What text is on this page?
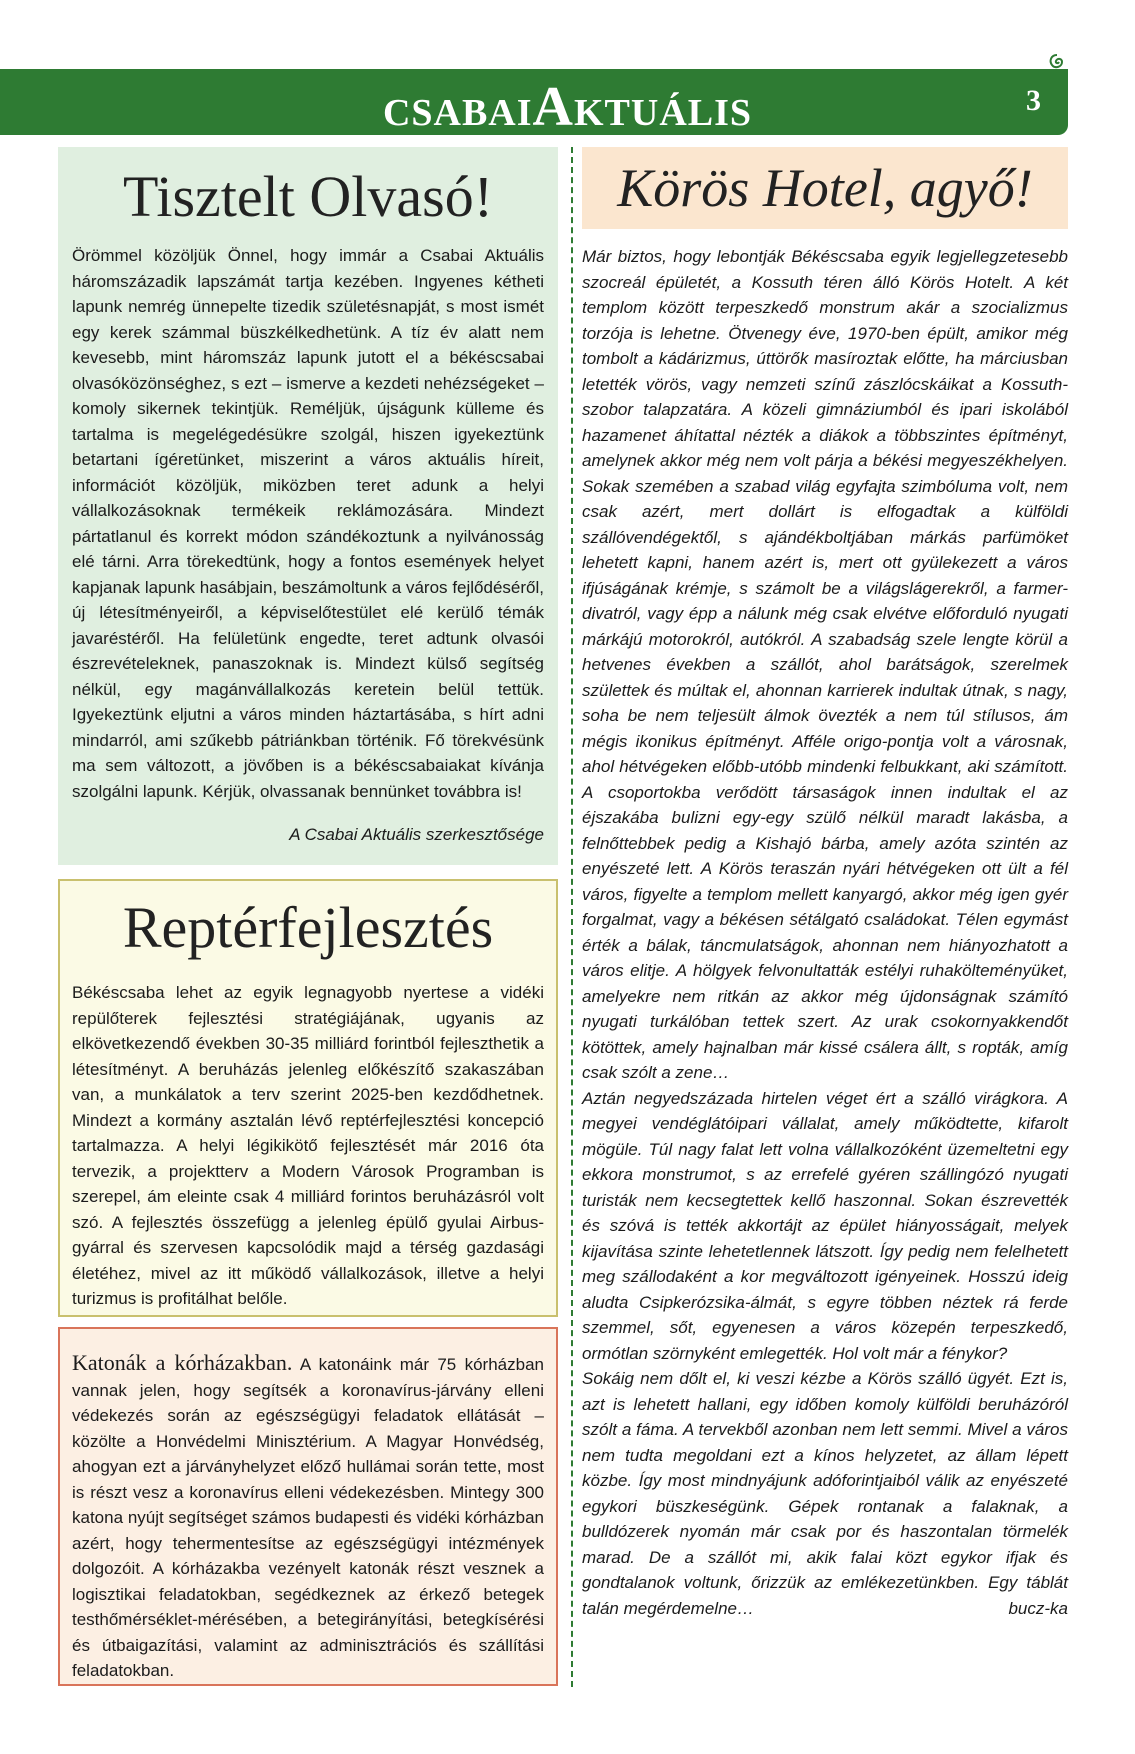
CSABAIAKTUÁLIS	3
Tisztelt Olvasó!

Örömmel közöljük Önnel, hogy immár a Csabai Aktuális háromszázadik lapszámát tartja kezében. Ingyenes kétheti lapunk nemrég ünnepelte tizedik születésnapját, s most ismét egy kerek számmal büszkélkedhetünk. A tíz év alatt nem kevesebb, mint háromszáz lapunk jutott el a békéscsabai olvasóközönséghez, s ezt – ismerve a kezdeti nehézségeket – komoly sikernek tekintjük. Reméljük, újságunk külleme és tartalma is megelégedésükre szolgál, hiszen igyekeztünk betartani ígéretünket, miszerint a város aktuális híreit, információt közöljük, miközben teret adunk a helyi vállalkozásoknak termékeik reklámozására. Mindezt pártatlanul és korrekt módon szándékoztunk a nyilvánosság elé tárni. Arra törekedtünk, hogy a fontos események helyet kapjanak lapunk hasábjain, beszámoltunk a város fejlődéséről, új létesítményeiről, a képviselőtestület elé kerülő témák javaréstéről. Ha felületünk engedte, teret adtunk olvasói észrevételeknek, panaszoknak is. Mindezt külső segítség nélkül, egy magánvállalkozás keretein belül tettük. Igyekeztünk eljutni a város minden háztartásába, s hírt adni mindarról, ami szűkebb pátriánkban történik. Fő törekvésünk ma sem változott, a jövőben is a békéscsabaiakat kívánja szolgálni lapunk. Kérjük, olvassanak bennünket továbbra is!

A Csabai Aktuális szerkesztősége
Reptérfejlesztés

Békéscsaba lehet az egyik legnagyobb nyertese a vidéki repülőterek fejlesztési stratégiájának, ugyanis az elkövetkezendő években 30-35 milliárd forintból fejleszthetik a létesítményt. A beruházás jelenleg előkészítő szakaszában van, a munkálatok a terv szerint 2025-ben kezdődhetnek. Mindezt a kormány asztalán lévő reptérfejlesztési koncepció tartalmazza. A helyi légikikötő fejlesztését már 2016 óta tervezik, a projektterv a Modern Városok Programban is szerepel, ám eleinte csak 4 milliárd forintos beruházásról volt szó. A fejlesztés összefügg a jelenleg épülő gyulai Airbus-gyárral és szervesen kapcsolódik majd a térség gazdasági életéhez, mivel az itt működő vállalkozások, illetve a helyi turizmus is profitálhat belőle.

Katonák a kórházakban. A katonáink már 75 kórházban vannak jelen, hogy segítsék a koronavírus-járvány elleni védekezés során az egészségügyi feladatok ellátását – közölte a Honvédelmi Minisztérium. A Magyar Honvédség, ahogyan ezt a járványhelyzet előző hullámai során tette, most is részt vesz a koronavírus elleni védekezésben. Mintegy 300 katona nyújt segítséget számos budapesti és vidéki kórházban azért, hogy tehermentesítse az egészségügyi intézmények dolgozóit. A kórházakba vezényelt katonák részt vesznek a logisztikai feladatokban, segédkeznek az érkező betegek testhőmérséklet-mérésében, a betegirányítási, betegkísérési és útbaigazítási, valamint az adminisztrációs és szállítási feladatokban.

Körös Hotel, agyő!

Már biztos, hogy lebontják Békéscsaba egyik legjellegzetesebb szocreál épületét, a Kossuth téren álló Körös Hotelt. A két templom között terpeszkedő monstrum akár a szocializmus torzója is lehetne. Ötvenegy éve, 1970-ben épült, amikor még tombolt a kádárizmus, úttörők masíroztak előtte, ha márciusban letették vörös, vagy nemzeti színű zászlócskáikat a Kossuth-szobor talapzatára. A közeli gimnáziumból és ipari iskolából hazamenet áhítattal nézték a diákok a többszintes építményt, amelynek akkor még nem volt párja a békési megyeszékhelyen. Sokak szemében a szabad világ egyfajta szimbóluma volt, nem csak azért, mert dollárt is elfogadtak a külföldi szállóvendégektől, s ajándékboltjában márkás parfümöket lehetett kapni, hanem azért is, mert ott gyülekezett a város ifjúságának krémje, s számolt be a világslágerekről, a farmer-divatról, vagy épp a nálunk még csak elvétve előforduló nyugati márkájú motorokról, autókról. A szabadság szele lengte körül a hetvenes években a szállót, ahol barátságok, szerelmek születtek és múltak el, ahonnan karrierek indultak útnak, s nagy, soha be nem teljesült álmok övezték a nem túl stílusos, ám mégis ikonikus építményt. Afféle origo-pontja volt a városnak, ahol hétvégeken előbb-utóbb mindenki felbukkant, aki számított. A csoportokba verődött társaságok innen indultak el az éjszakába bulizni egy-egy szülő nélkül maradt lakásba, a felnőttebbek pedig a Kishajó bárba, amely azóta szintén az enyészeté lett. A Körös teraszán nyári hétvégeken ott ült a fél város, figyelte a templom mellett kanyargó, akkor még igen gyér forgalmat, vagy a békésen sétálgató családokat. Télen egymást érték a bálak, táncmulatságok, ahonnan nem hiányozhatott a város elitje. A hölgyek felvonultatták estélyi ruhakölteményüket, amelyekre nem ritkán az akkor még újdonságnak számító nyugati turkálóban tettek szert. Az urak csokornyakkendőt kötöttek, amely hajnalban már kissé csálera állt, s ropták, amíg csak szólt a zene…

Aztán negyedszázada hirtelen véget ért a szálló virágkora. A megyei vendéglátóipari vállalat, amely működtette, kifarolt mögüle. Túl nagy falat lett volna vállalkozóként üzemeltetni egy ekkora monstrumot, s az errefelé gyéren szállingózó nyugati turisták nem kecsegtettek kellő haszonnal. Sokan észrevették és szóvá is tették akkortájt az épület hiányosságait, melyek kijavítása szinte lehetetlennek látszott. Így pedig nem felelhetett meg szállodaként a kor megváltozott igényeinek. Hosszú ideig aludta Csipkerózsika-álmát, s egyre többen néztek rá ferde szemmel, sőt, egyenesen a város közepén terpeszkedő, ormótlan szörnyként emlegették. Hol volt már a fénykor?

Sokáig nem dőlt el, ki veszi kézbe a Körös szálló ügyét. Ezt is, azt is lehetett hallani, egy időben komoly külföldi beruházóról szólt a fáma. A tervekből azonban nem lett semmi. Mivel a város nem tudta megoldani ezt a kínos helyzetet, az állam lépett közbe. Így most mindnyájunk adóforintjaiból válik az enyészeté egykori büszkeségünk. Gépek rontanak a falaknak, a bulldózerek nyomán már csak por és haszontalan törmelék marad. De a szállót mi, akik falai közt egykor ifjak és gondtalanok voltunk, őrizzük az emlékezetünkben. Egy táblát talán megérdemelne…	bucz-ka
